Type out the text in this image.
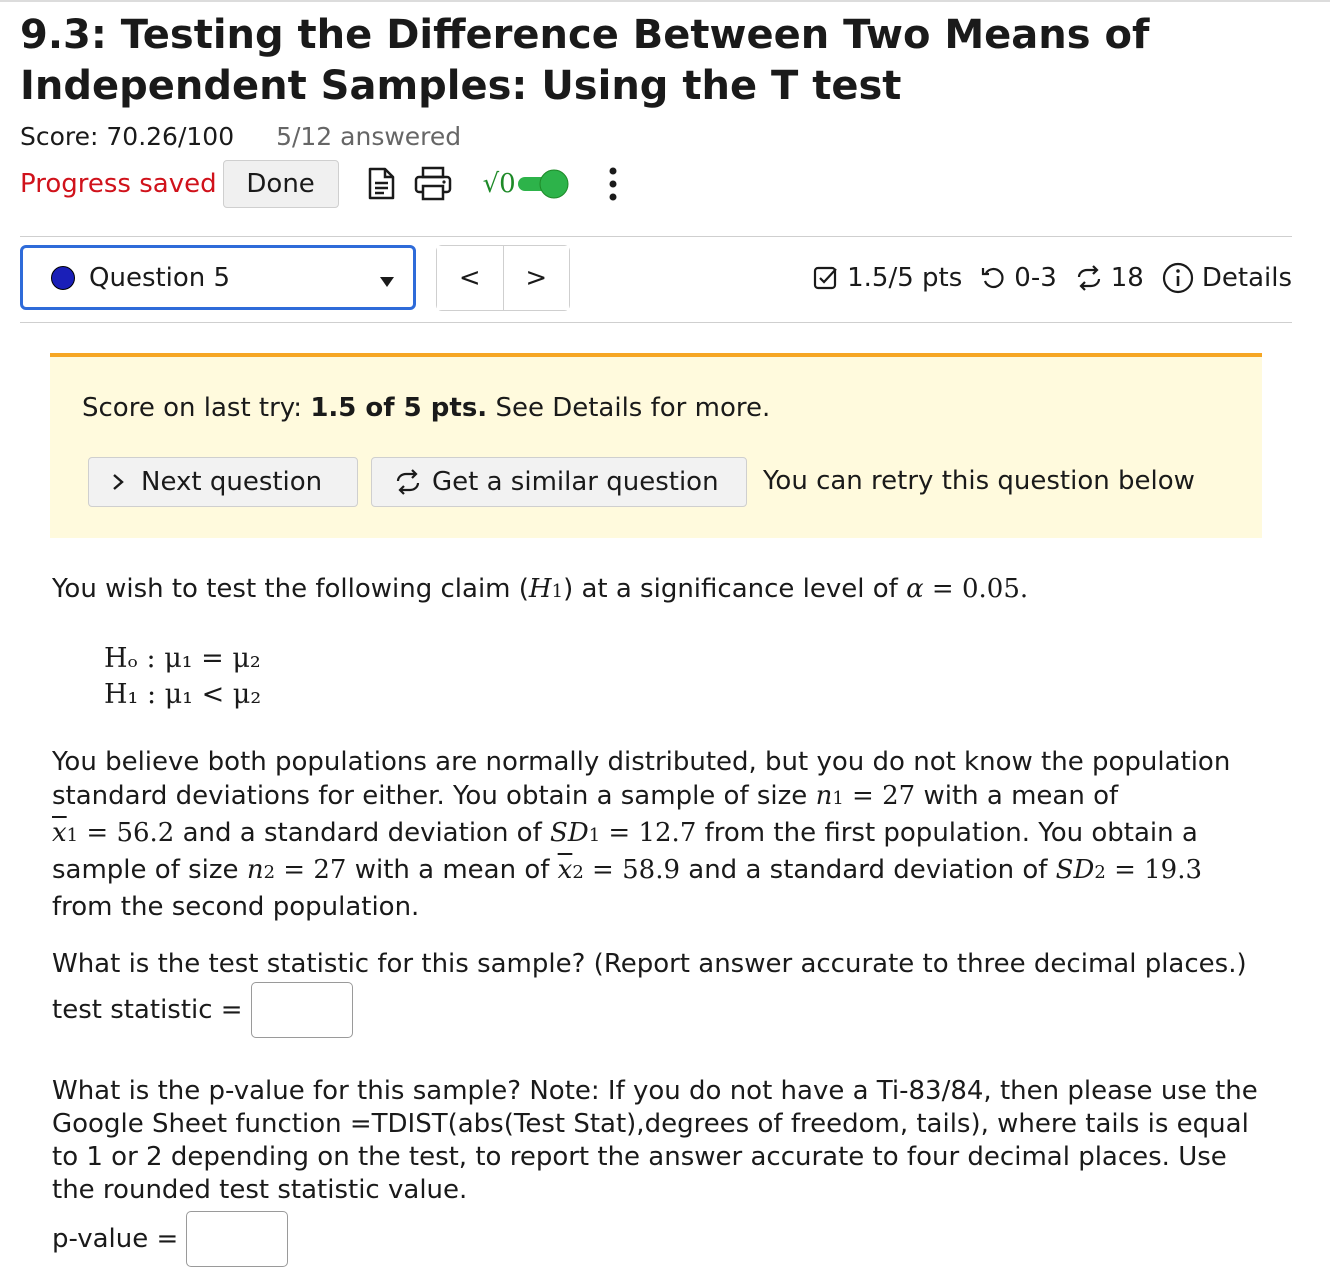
9.3: Testing the Difference Between Two Means of Independent Samples: Using the T test
Score: 70.26/100 5/12 answered
Progress saved	Done	√0
Question 5	<	>	1.5/5 pts 0-3 18 Details
Score on last try: 1.5 of 5 pts. See Details for more.
Next question	Get a similar question You can retry this question below

You wish to test the following claim (H1) at a significance level of α = 0.05.

Hₒ : μ₁ = μ₂
H₁ : μ₁ < μ₂

You believe both populations are normally distributed, but you do not know the population
standard deviations for either. You obtain a sample of size n1 = 27 with a mean of
$\overline{x}1 = 56.2$ and a standard deviation of SD1 = 12.7 from the first population. You obtain a
sample of size n2 = 27 with a mean of $\overline{x}2 = 58.9$ and a standard deviation of SD2 = 19.3
from the second population.

What is the test statistic for this sample? (Report answer accurate to three decimal places.)

test statistic =

What is the p-value for this sample? Note: If you do not have a Ti-83/84, then please use the
Google Sheet function =TDIST(abs(Test Stat),degrees of freedom, tails), where tails is equal
to 1 or 2 depending on the test, to report the answer accurate to four decimal places. Use
the rounded test statistic value.

p-value =
